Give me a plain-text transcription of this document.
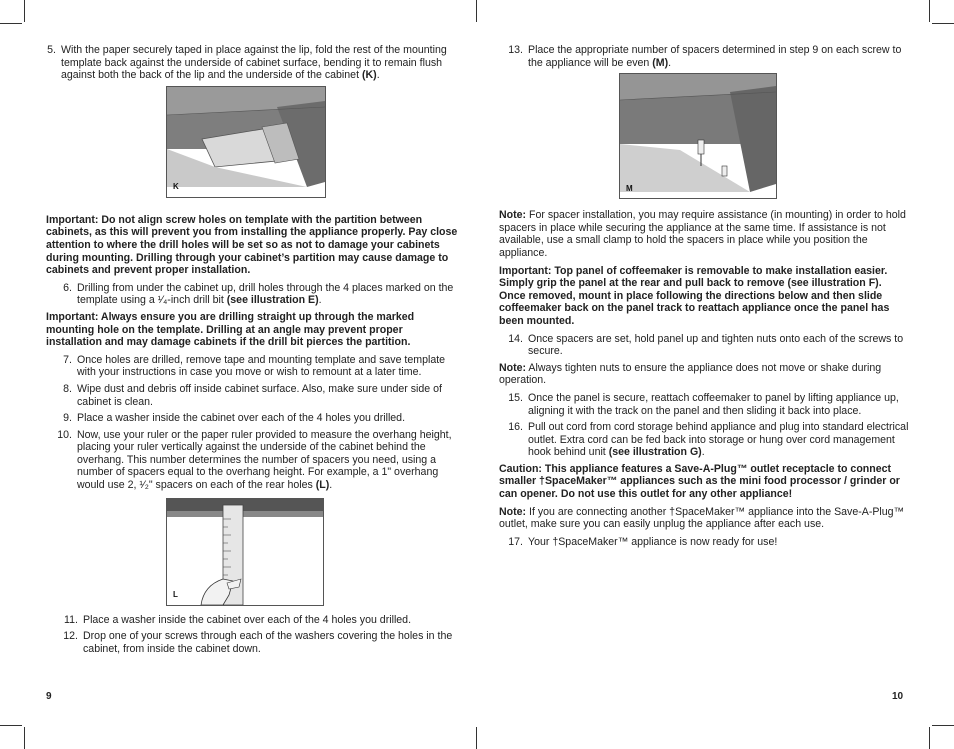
5. With the paper securely taped in place against the lip, fold the rest of the mounting template back against the underside of cabinet surface, bending it to remain flush against both the back of the lip and the underside of the cabinet (K).
K

Important: Do not align screw holes on template with the partition between cabinets, as this will prevent you from installing the appliance properly. Pay close attention to where the drill holes will be set so as not to damage your cabinets during mounting. Drilling through your cabinet’s partition may cause damage to cabinets and prevent proper installation.

6. Drilling from under the cabinet up, drill holes through the 4 places marked on the template using a ¹⁄₄-inch drill bit (see illustration E).

Important: Always ensure you are drilling straight up through the marked mounting hole on the template. Drilling at an angle may prevent proper installation and may damage cabinets if the drill bit pierces the partition.

7. Once holes are drilled, remove tape and mounting template and save template with your instructions in case you move or wish to remount at a later time.
8. Wipe dust and debris off inside cabinet surface. Also, make sure under side of cabinet is clean.
9. Place a washer inside the cabinet over each of the 4 holes you drilled.
10. Now, use your ruler or the paper ruler provided to measure the overhang height, placing your ruler vertically against the underside of the cabinet behind the overhang. This number determines the number of spacers you need, using a number of spacers equal to the overhang height. For example, a 1" overhang would use 2, ¹⁄₂" spacers on each of the rear holes (L).
L
11. Place a washer inside the cabinet over each of the 4 holes you drilled.
12. Drop one of your screws through each of the washers covering the holes in the cabinet, from inside the cabinet down.
9
13. Place the appropriate number of spacers determined in step 9 on each screw to the appliance will be even (M).
M

Note: For spacer installation, you may require assistance (in mounting) in order to hold spacers in place while securing the appliance at the same time. If assistance is not available, use a small clamp to hold the spacers in place while you position the appliance.

Important: Top panel of coffeemaker is removable to make installation easier. Simply grip the panel at the rear and pull back to remove (see illustration F). Once removed, mount in place following the directions below and then slide coffeemaker back on the panel track to reattach appliance once the panel has been mounted.

14. Once spacers are set, hold panel up and tighten nuts onto each of the screws to secure.

Note: Always tighten nuts to ensure the appliance does not move or shake during operation.

15. Once the panel is secure, reattach coffeemaker to panel by lifting appliance up, aligning it with the track on the panel and then sliding it back into place.
16. Pull out cord from cord storage behind appliance and plug into standard electrical outlet. Extra cord can be fed back into storage or hung over cord management hook behind unit (see illustration G).

Caution: This appliance features a Save-A-Plug™ outlet receptacle to connect smaller †SpaceMaker™ appliances such as the mini food processor / grinder or can opener. Do not use this outlet for any other appliance!

Note: If you are connecting another †SpaceMaker™ appliance into the Save-A-Plug™ outlet, make sure you can easily unplug the appliance after each use.

17. Your †SpaceMaker™ appliance is now ready for use!
10
